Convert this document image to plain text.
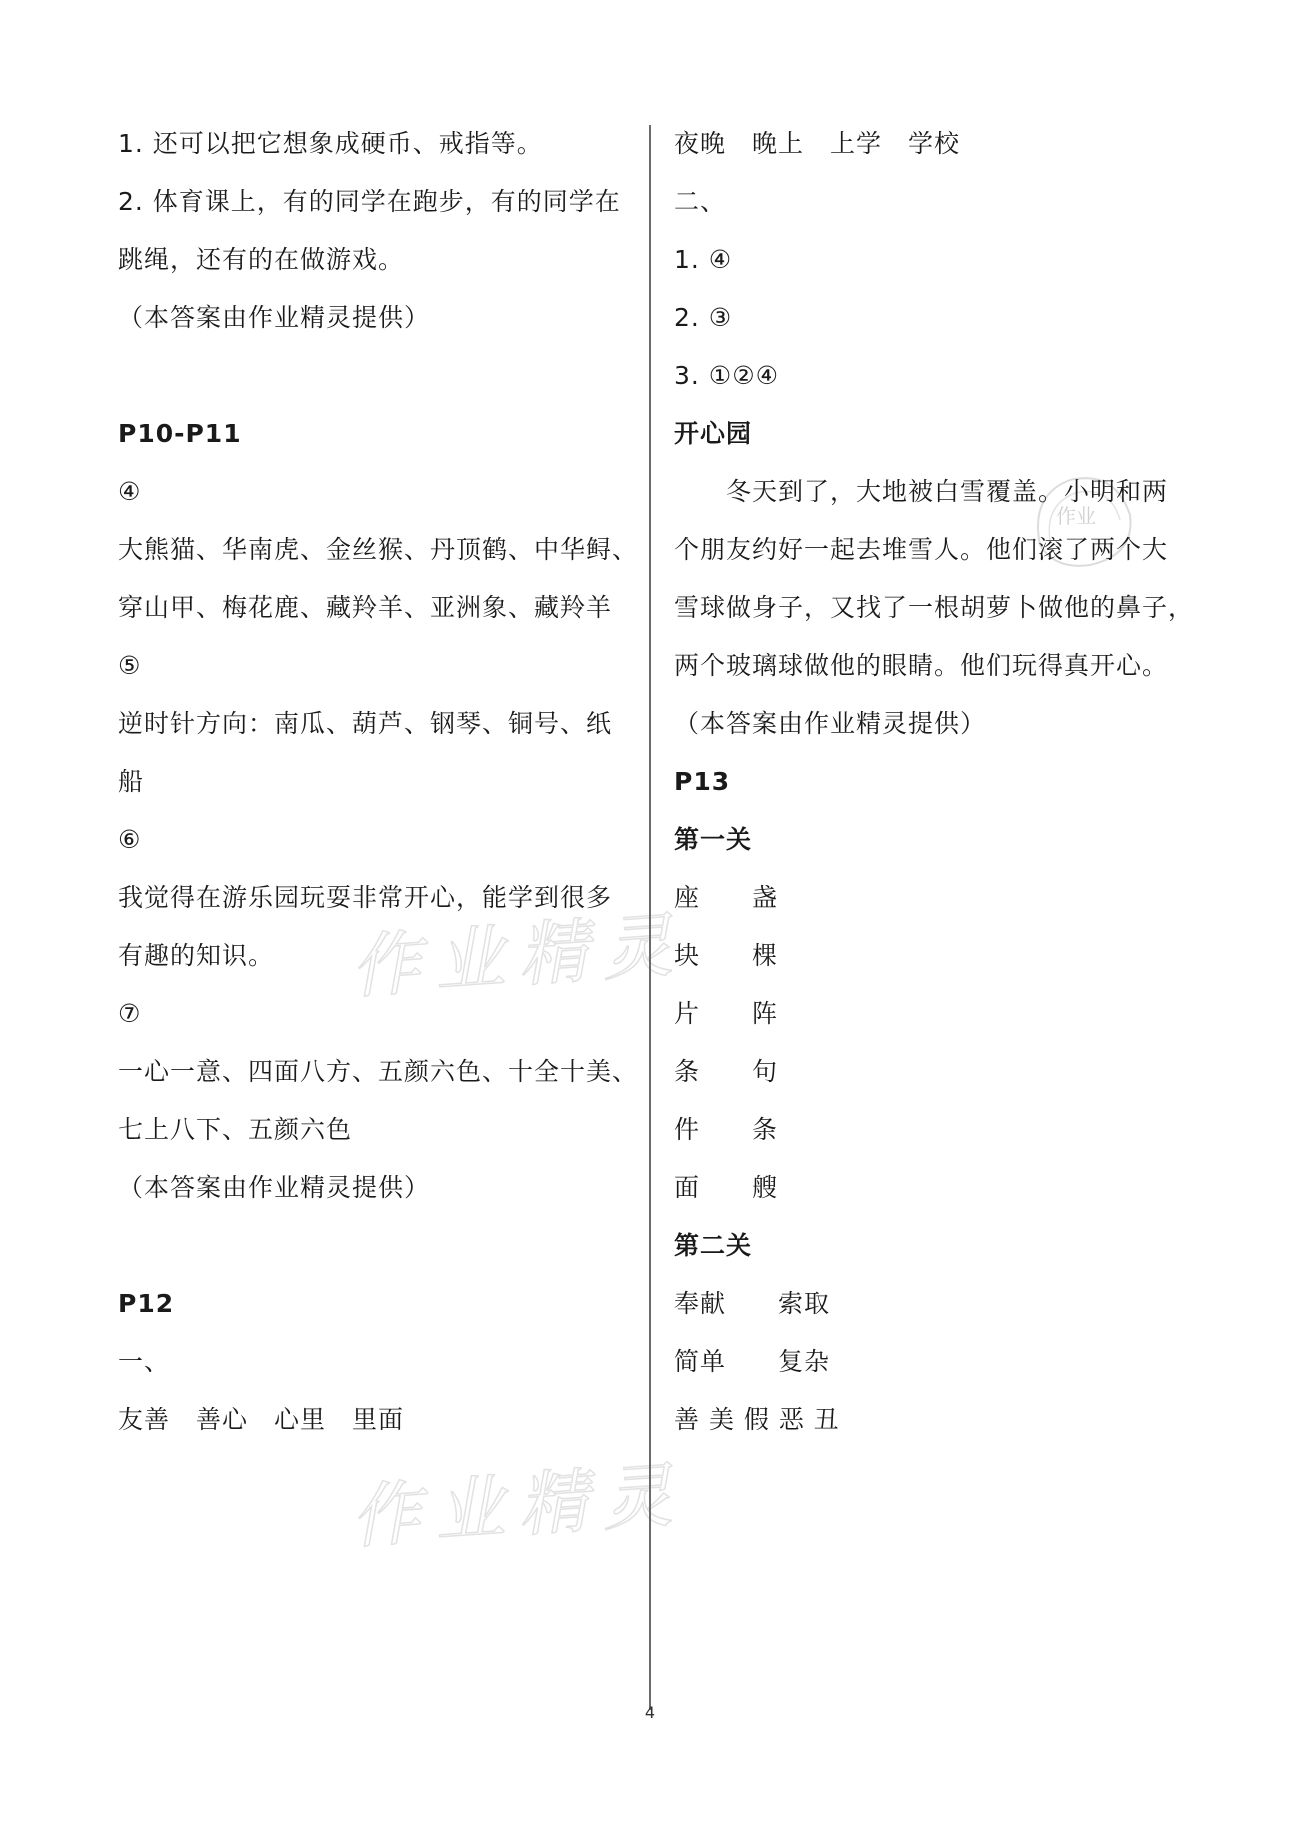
作业精灵
作业精灵
作业
1. 还可以把它想象成硬币、戒指等。
2. 体育课上，有的同学在跑步，有的同学在
跳绳，还有的在做游戏。
（本答案由作业精灵提供）
P10-P11
④
大熊猫、华南虎、金丝猴、丹顶鹤、中华鲟、
穿山甲、梅花鹿、藏羚羊、亚洲象、藏羚羊
⑤
逆时针方向：南瓜、葫芦、钢琴、铜号、纸
船
⑥
我觉得在游乐园玩耍非常开心，能学到很多
有趣的知识。
⑦
一心一意、四面八方、五颜六色、十全十美、
七上八下、五颜六色
（本答案由作业精灵提供）
P12
一、
友善　善心　心里　里面
夜晚　晚上　上学　学校
二、
1. ④
2. ③
3. ①②④
开心园
冬天到了，大地被白雪覆盖。小明和两
个朋友约好一起去堆雪人。他们滚了两个大
雪球做身子，又找了一根胡萝卜做他的鼻子，
两个玻璃球做他的眼睛。他们玩得真开心。
（本答案由作业精灵提供）
P13
第一关
座　　盏
块　　棵
片　　阵
条　　句
件　　条
面　　艘
第二关
奉献　　索取
简单　　复杂
善 美 假 恶 丑
4
